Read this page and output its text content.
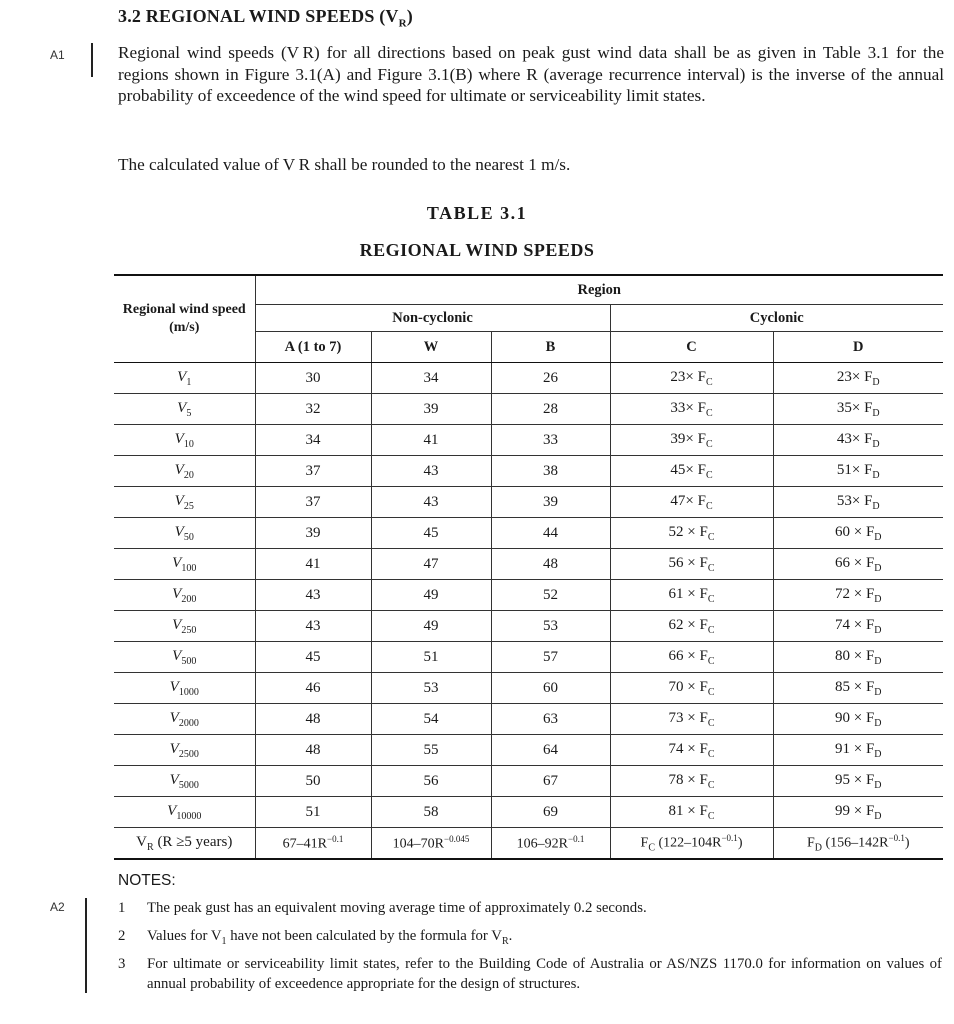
3.2 REGIONAL WIND SPEEDS $(V_R)$
A1	Regional wind speeds (V R) for all directions based on peak gust wind data shall be as given in Table 3.1 for the regions shown in Figure 3.1(A) and Figure 3.1(B) where R (average recurrence interval) is the inverse of the annual probability of exceedence of the wind speed for ultimate or serviceability limit states.
The calculated value of V R shall be rounded to the nearest 1 m/s.
TABLE 3.1
REGIONAL WIND SPEEDS
Regional wind speed (m/s)	Region				
	Non-cyclonic			Cyclonic	
	A (1 to 7)	W	B	C	D
$V_1$	30	34	26	$23\times F_C$	$23\times F_D$
$V_5$	32	39	28	$33\times F_C$	$35\times F_D$
$V_{10}$	34	41	33	$39\times F_C$	$43\times F_D$
$V_{20}$	37	43	38	$45\times F_C$	$51\times F_D$
$V_{25}$	37	43	39	$47\times F_C$	$53\times F_D$
$V_{50}$	39	45	44	$52 \times F_C$	$60 \times F_D$
$V_{100}$	41	47	48	$56 \times F_C$	$66 \times F_D$
$V_{200}$	43	49	52	$61 \times F_C$	$72 \times F_D$
$V_{250}$	43	49	53	$62 \times F_C$	$74 \times F_D$
$V_{500}$	45	51	57	$66 \times F_C$	$80 \times F_D$
$V_{1000}$	46	53	60	$70 \times F_C$	$85 \times F_D$
$V_{2000}$	48	54	63	$73 \times F_C$	$90 \times F_D$
$V_{2500}$	48	55	64	$74 \times F_C$	$91 \times F_D$
$V_{5000}$	50	56	67	$78 \times F_C$	$95 \times F_D$
$V_{10000}$	51	58	69	$81 \times F_C$	$99 \times F_D$
$V_R$ (R ≥5 years)	$67-41R^{-0.1}$	$104-70R^{-0.045}$	$106-92R^{-0.1}$	$F_C$ $(122-104R^{-0.1})$	$F_D$ $(156-142R^{-0.1})$
NOTES:
A2	1 The peak gust has an equivalent moving average time of approximately 0.2 seconds.
2 Values for $V_1$ have not been calculated by the formula for $V_R$.
3 For ultimate or serviceability limit states, refer to the Building Code of Australia or AS/NZS 1170.0 for information on values of annual probability of exceedence appropriate for the design of structures.
